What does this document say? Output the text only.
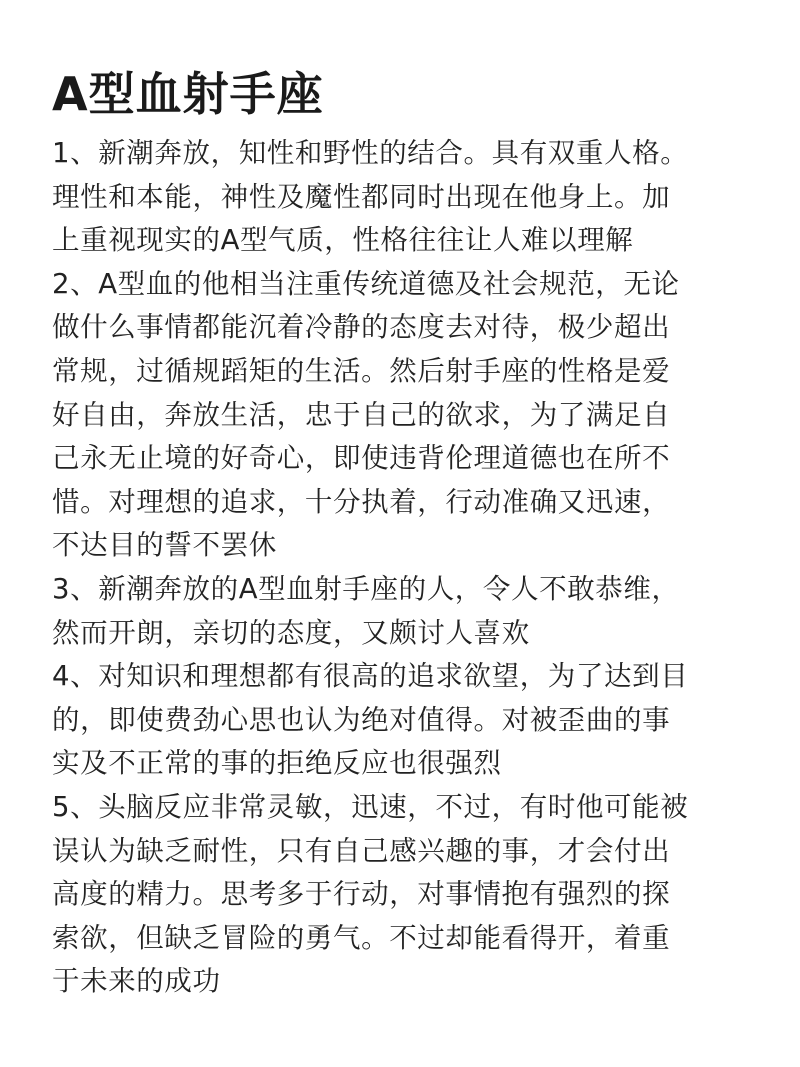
A型血射手座
1、新潮奔放，知性和野性的结合。具有双重人格。
理性和本能，神性及魔性都同时出现在他身上。加
上重视现实的A型气质，性格往往让人难以理解
2、A型血的他相当注重传统道德及社会规范，无论
做什么事情都能沉着冷静的态度去对待，极少超出
常规，过循规蹈矩的生活。然后射手座的性格是爱
好自由，奔放生活，忠于自己的欲求，为了满足自
己永无止境的好奇心，即使违背伦理道德也在所不
惜。对理想的追求，十分执着，行动准确又迅速，
不达目的誓不罢休
3、新潮奔放的A型血射手座的人，令人不敢恭维，
然而开朗，亲切的态度，又颇讨人喜欢
4、对知识和理想都有很高的追求欲望，为了达到目
的，即使费劲心思也认为绝对值得。对被歪曲的事
实及不正常的事的拒绝反应也很强烈
5、头脑反应非常灵敏，迅速，不过，有时他可能被
误认为缺乏耐性，只有自己感兴趣的事，才会付出
高度的精力。思考多于行动，对事情抱有强烈的探
索欲，但缺乏冒险的勇气。不过却能看得开，着重
于未来的成功
